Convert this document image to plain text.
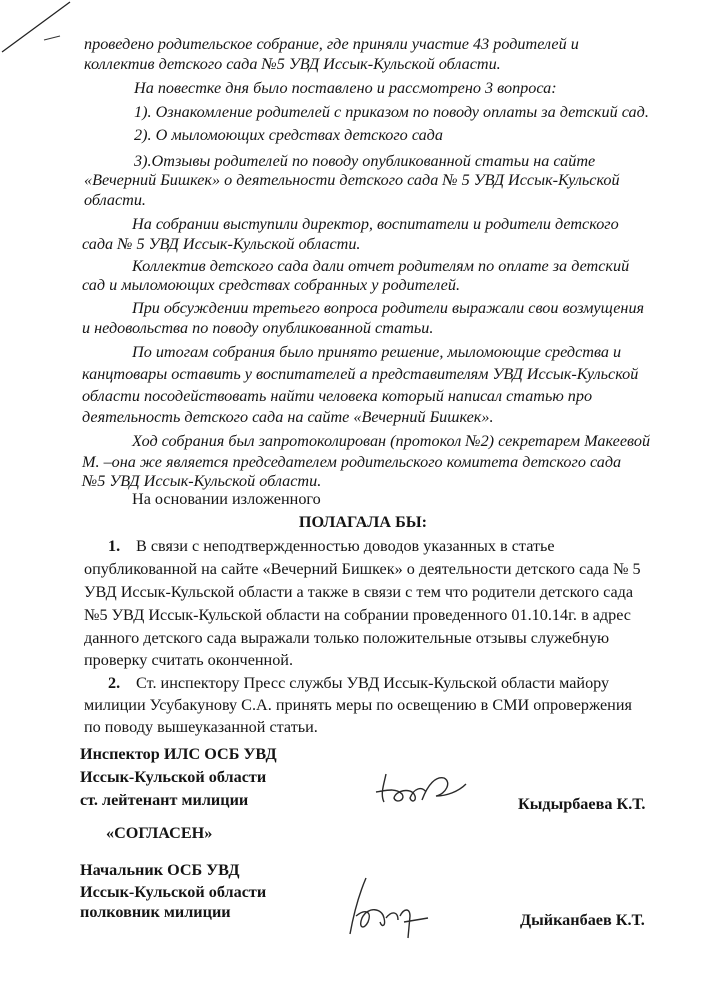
проведено родительское собрание, где приняли участие 43 родителей и
коллектив детского сада №5 УВД Иссык-Кульской области.
На повестке дня было поставлено и рассмотрено 3 вопроса:
1). Ознакомление родителей с приказом по поводу оплаты за детский сад.
2). О мыломоющих средствах детского сада
3).Отзывы родителей по поводу опубликованной статьи на сайте
«Вечерний Бишкек» о деятельности детского сада № 5 УВД Иссык-Кульской
области.
На собрании выступили директор, воспитатели и родители детского
сада № 5 УВД Иссык-Кульской области.
Коллектив детского сада дали отчет родителям по оплате за детский
сад и мыломоющих средствах собранных у родителей.
При обсуждении третьего вопроса родители выражали свои возмущения
и недовольства по поводу опубликованной статьи.
По итогам собрания было принято решение, мыломоющие средства и
канцтовары оставить у воспитателей а представителям УВД Иссык-Кульской
области посодействовать найти человека который написал статью про
деятельность детского сада на сайте «Вечерний Бишкек».
Ход собрания был запротоколирован (протокол №2) секретарем Макеевой
М. –она же является председателем родительского комитета детского сада
№5 УВД Иссык-Кульской области.
На основании изложенного
ПОЛАГАЛА БЫ:
1. В связи с неподтвержденностью доводов указанных в статье
опубликованной на сайте «Вечерний Бишкек» о деятельности детского сада № 5
УВД Иссык-Кульской области а также в связи с тем что родители детского сада
№5 УВД Иссык-Кульской области на собрании проведенного 01.10.14г. в адрес
данного детского сада выражали только положительные отзывы служебную
проверку считать оконченной.
2. Ст. инспектору Пресс службы УВД Иссык-Кульской области майору
милиции Усубакунову С.А. принять меры по освещению в СМИ опровержения
по поводу вышеуказанной статьи.
Инспектор ИЛС ОСБ УВД
Иссык-Кульской области
ст. лейтенант милиции	Кыдырбаева К.Т.
«СОГЛАСЕН»
Начальник ОСБ УВД
Иссык-Кульской области
полковник милиции	Дыйканбаев К.Т.
